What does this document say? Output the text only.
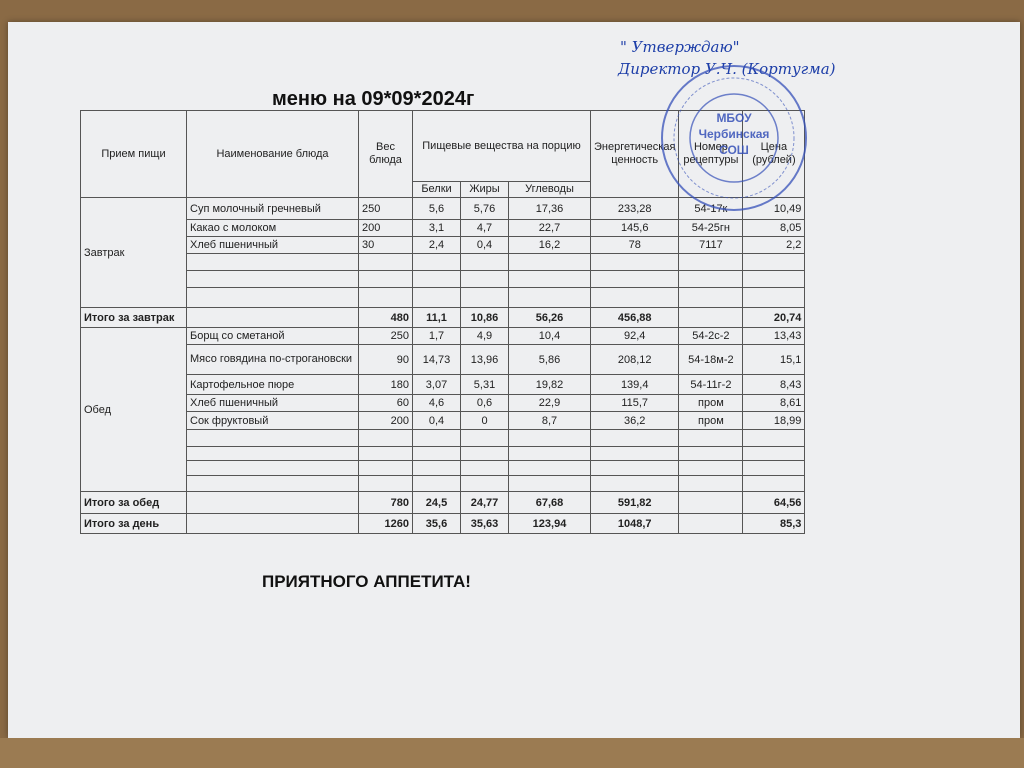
меню на 09*09*2024г
" Утверждаю"
Директор У.Ч. (Кортугма)
Прием пищи	Наименование блюда	Вес блюда	Пищевые вещества на порцию			Энергетическая ценность	Номер рецептуры	Цена (рублей)
			Белки	Жиры	Углеводы			
Завтрак	Суп молочный гречневый	250	5,6	5,76	17,36	233,28	54-17к	10,49
	Какао с молоком	200	3,1	4,7	22,7	145,6	54-25гн	8,05
	Хлеб пшеничный	30	2,4	0,4	16,2	78	7117	2,2

Итого за завтрак		480	11,1	10,86	56,26	456,88		20,74
Обед	Борщ со сметаной	250	1,7	4,9	10,4	92,4	54-2с-2	13,43
	Мясо говядина по-строгановски	90	14,73	13,96	5,86	208,12	54-18м-2	15,1
	Картофельное пюре	180	3,07	5,31	19,82	139,4	54-11г-2	8,43
	Хлеб пшеничный	60	4,6	0,6	22,9	115,7	пром	8,61
	Сок фруктовый	200	0,4	0	8,7	36,2	пром	18,99

Итого за обед		780	24,5	24,77	67,68	591,82		64,56
Итого за день		1260	35,6	35,63	123,94	1048,7		85,3
МБОУ
Чербинская
СОШ
ПРИЯТНОГО АППЕТИТА!
